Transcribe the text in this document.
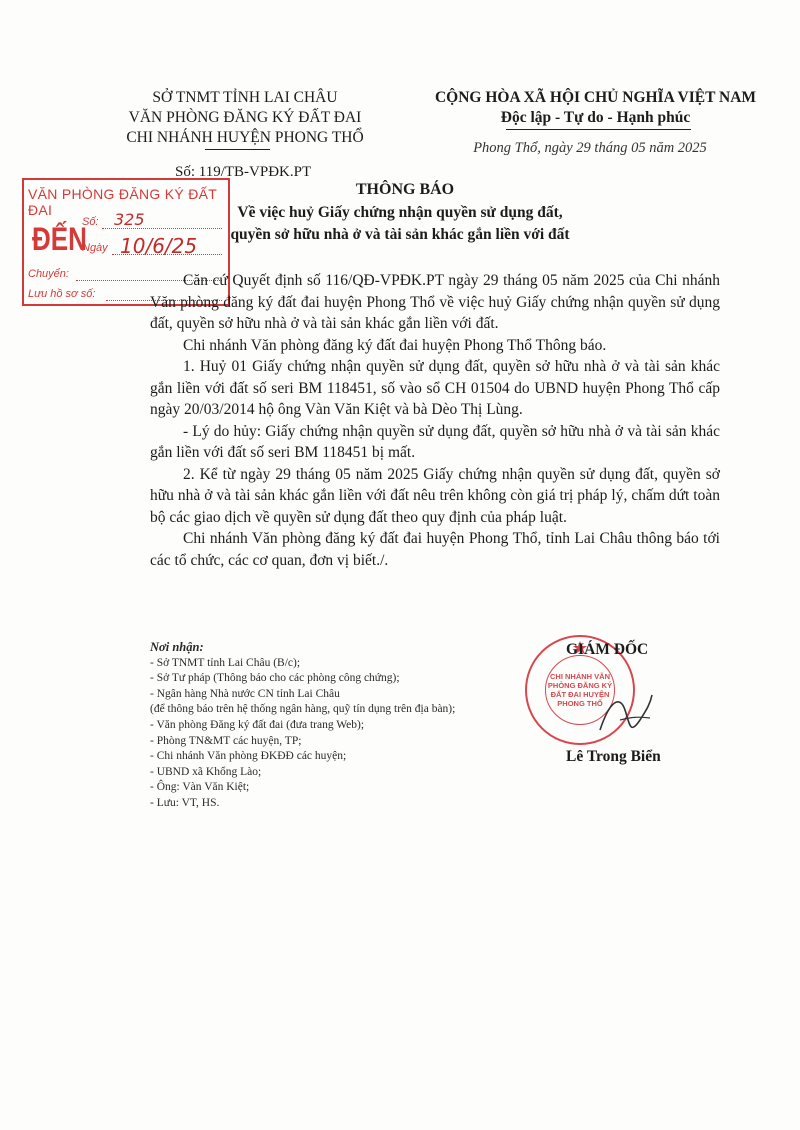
SỞ TNMT TỈNH LAI CHÂU
VĂN PHÒNG ĐĂNG KÝ ĐẤT ĐAI
CHI NHÁNH HUYỆN PHONG THỔ
CỘNG HÒA XÃ HỘI CHỦ NGHĨA VIỆT NAM
Độc lập - Tự do - Hạnh phúc
Phong Thổ, ngày 29 tháng 05 năm 2025
Số: 119/TB-VPĐK.PT
THÔNG BÁO
Về việc huỷ Giấy chứng nhận quyền sử dụng đất,
quyền sở hữu nhà ở và tài sản khác gắn liền với đất
VĂN PHÒNG ĐĂNG KÝ ĐẤT ĐAI
ĐẾN
Số: 325
Ngày 10/6/25
Chuyển:
Lưu hồ sơ số:

Căn cứ Quyết định số 116/QĐ-VPĐK.PT ngày 29 tháng 05 năm 2025 của Chi nhánh Văn phòng đăng ký đất đai huyện Phong Thổ về việc huỷ Giấy chứng nhận quyền sử dụng đất, quyền sở hữu nhà ở và tài sản khác gắn liền với đất.

Chi nhánh Văn phòng đăng ký đất đai huyện Phong Thổ Thông báo.

1. Huỷ 01 Giấy chứng nhận quyền sử dụng đất, quyền sở hữu nhà ở và tài sản khác gắn liền với đất số seri BM 118451, số vào sổ CH 01504 do UBND huyện Phong Thổ cấp ngày 20/03/2014 hộ ông Vàn Văn Kiệt và bà Dèo Thị Lùng.

- Lý do hủy: Giấy chứng nhận quyền sử dụng đất, quyền sở hữu nhà ở và tài sản khác gắn liền với đất số seri BM 118451 bị mất.

2. Kể từ ngày 29 tháng 05 năm 2025 Giấy chứng nhận quyền sử dụng đất, quyền sở hữu nhà ở và tài sản khác gắn liền với đất nêu trên không còn giá trị pháp lý, chấm dứt toàn bộ các giao dịch về quyền sử dụng đất theo quy định của pháp luật.

Chi nhánh Văn phòng đăng ký đất đai huyện Phong Thổ, tỉnh Lai Châu thông báo tới các tổ chức, các cơ quan, đơn vị biết./.

Nơi nhận:
- Sở TNMT tỉnh Lai Châu (B/c);
- Sở Tư pháp (Thông báo cho các phòng công chứng);
- Ngân hàng Nhà nước CN tỉnh Lai Châu
(để thông báo trên hệ thống ngân hàng, quỹ tín dụng trên địa bàn);
- Văn phòng Đăng ký đất đai (đưa trang Web);
- Phòng TN&MT các huyện, TP;
- Chi nhánh Văn phòng ĐKĐĐ các huyện;
- UBND xã Khổng Lào;
- Ông: Vàn Văn Kiệt;
- Lưu: VT, HS.
CHI NHÁNH VĂN PHÒNG ĐĂNG KÝ ĐẤT ĐAI HUYỆN PHONG THỔ
GIÁM ĐỐC
Lê Trong Biển
